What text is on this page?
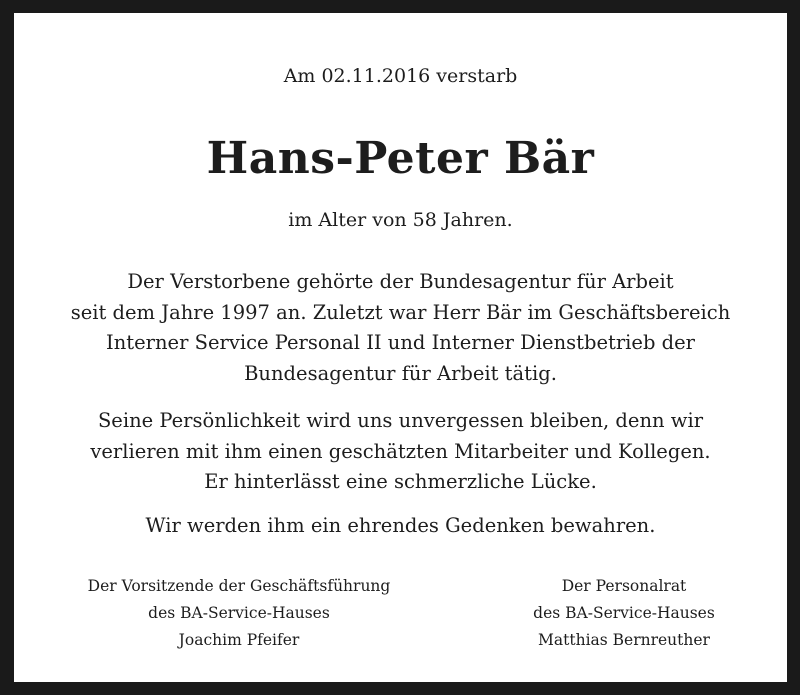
Am 02.11.2016 verstarb

Hans-Peter Bär

im Alter von 58 Jahren.

Der Verstorbene gehörte der Bundesagentur für Arbeit
seit dem Jahre 1997 an. Zuletzt war Herr Bär im Geschäftsbereich
Interner Service Personal II und Interner Dienstbetrieb der
Bundesagentur für Arbeit tätig.
Seine Persönlichkeit wird uns unvergessen bleiben, denn wir
verlieren mit ihm einen geschätzten Mitarbeiter und Kollegen.
Er hinterlässt eine schmerzliche Lücke.
Wir werden ihm ein ehrendes Gedenken bewahren.
Der Vorsitzende der Geschäftsführung
des BA-Service-Hauses
Joachim Pfeifer
Der Personalrat
des BA-Service-Hauses
Matthias Bernreuther
